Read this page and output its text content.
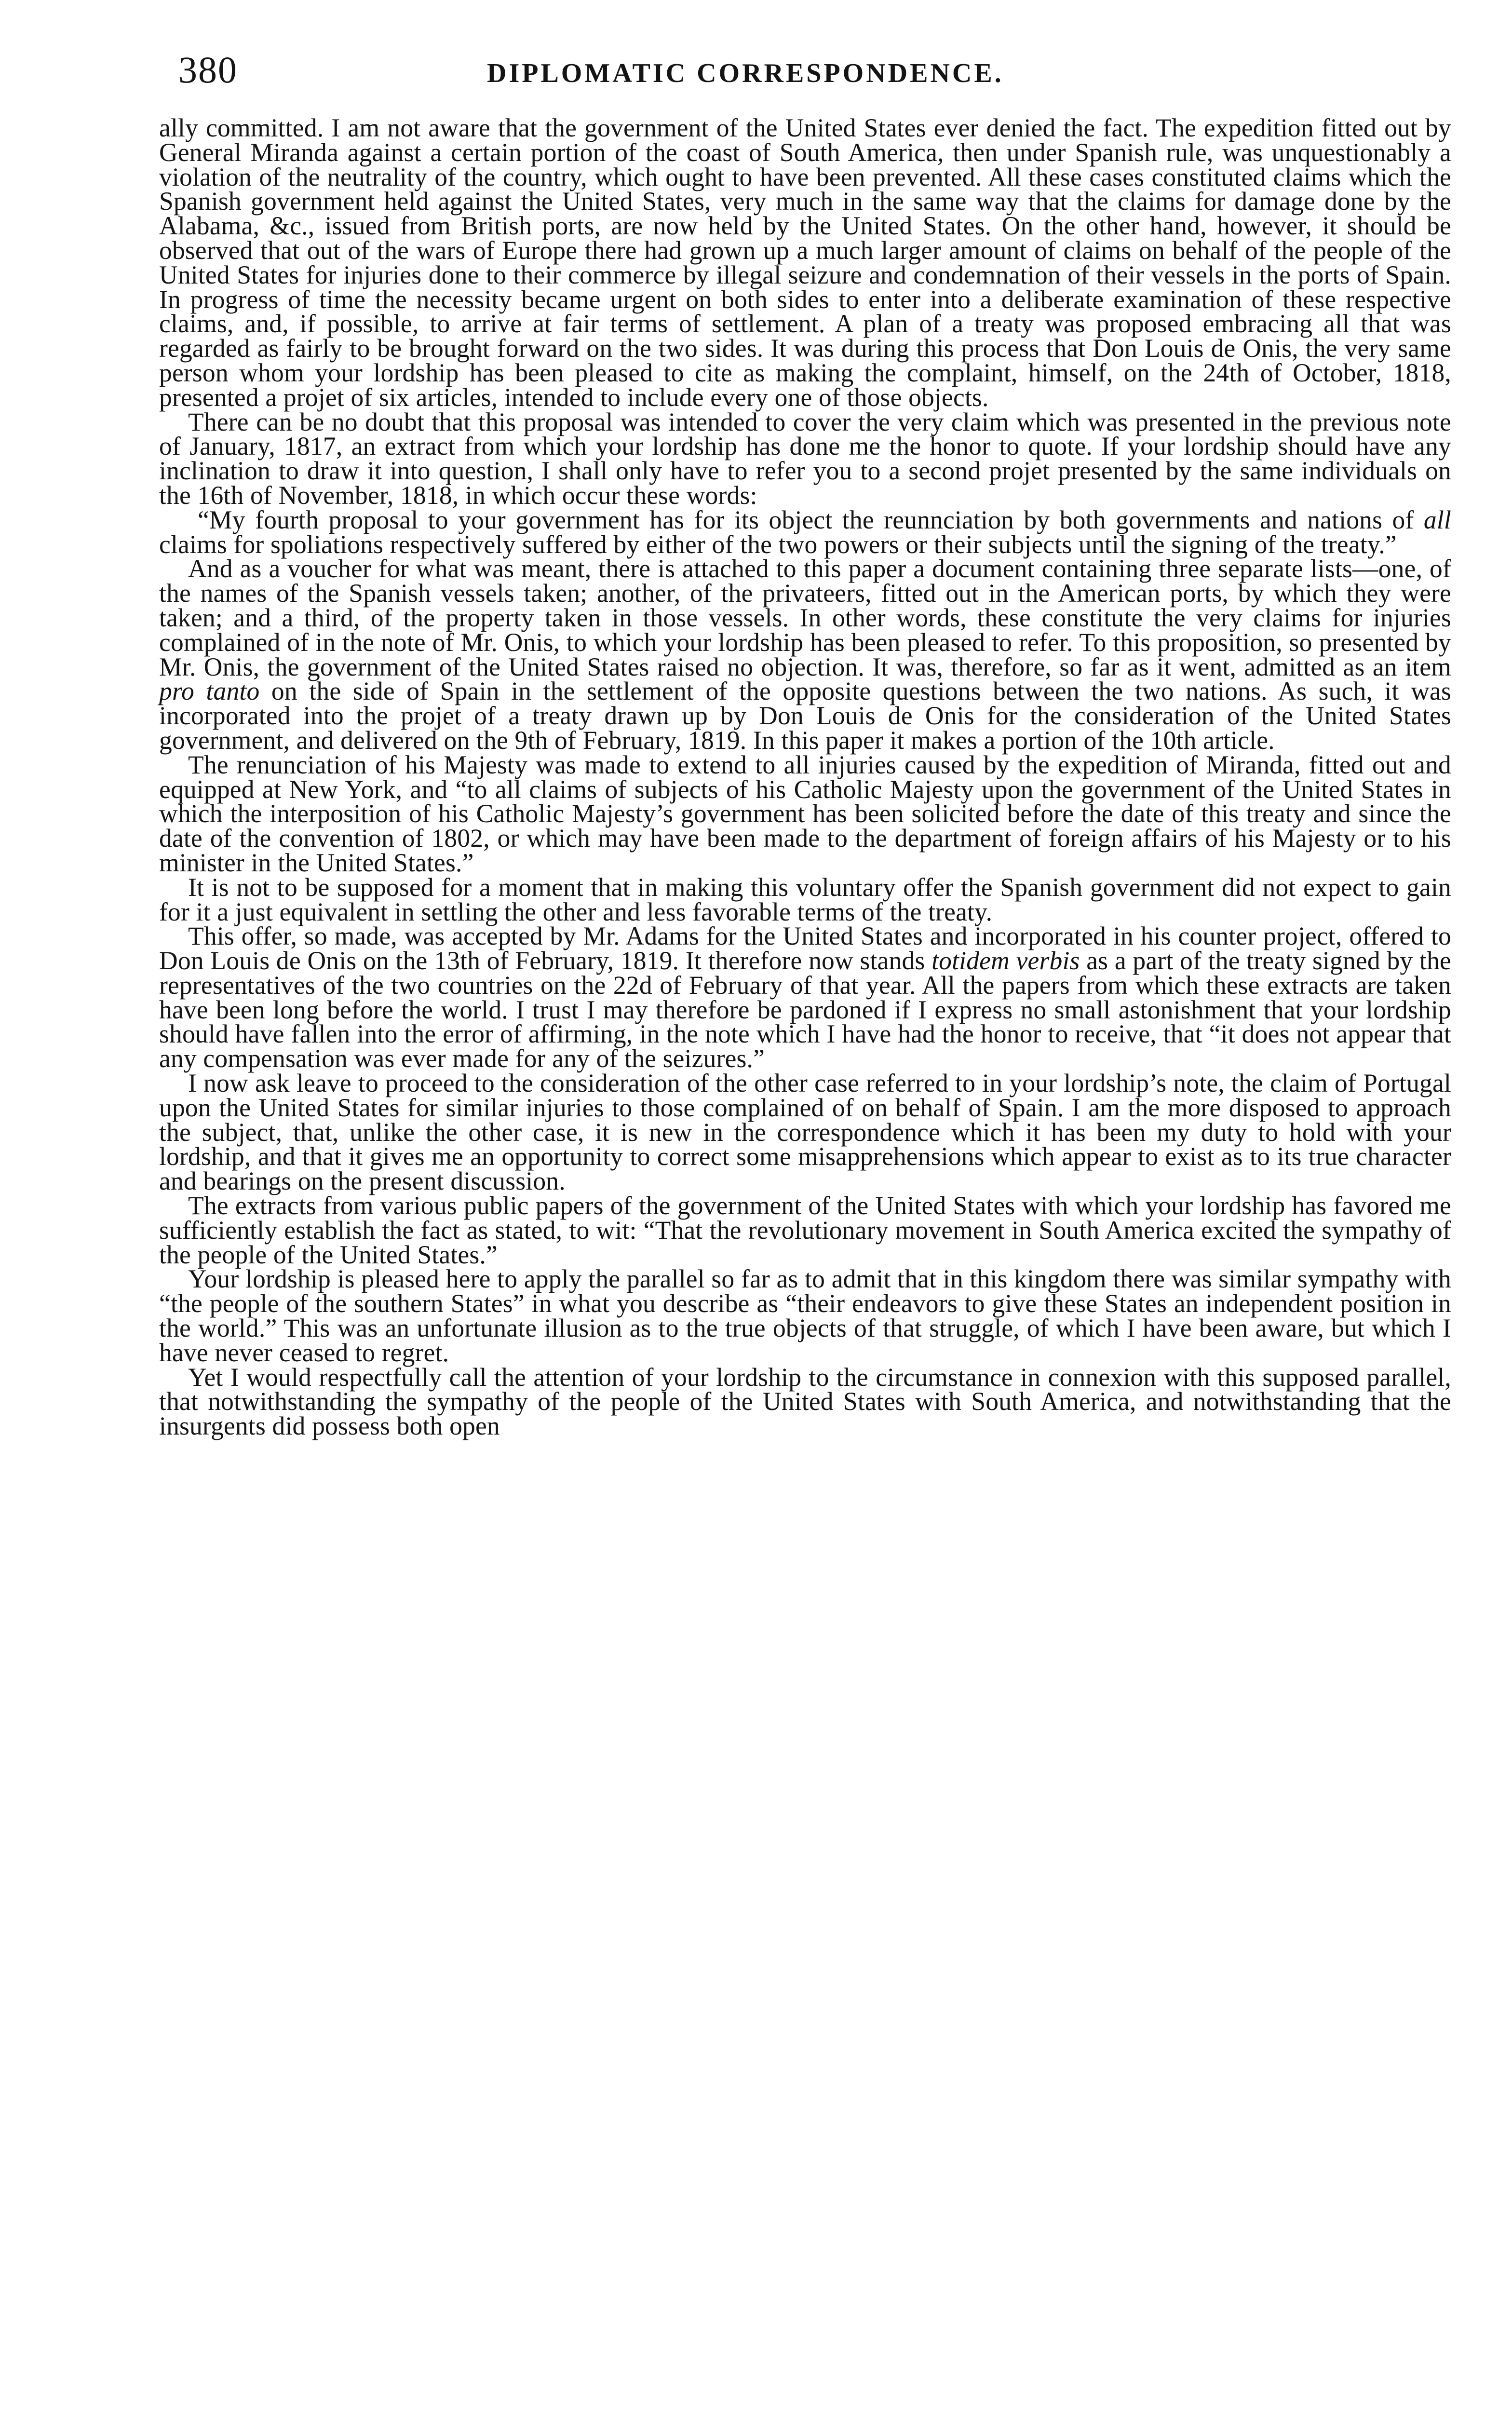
380	DIPLOMATIC CORRESPONDENCE.

ally committed. I am not aware that the government of the United States ever denied the fact. The expedition fitted out by General Miranda against a certain portion of the coast of South America, then under Spanish rule, was unquestionably a violation of the neutrality of the country, which ought to have been prevented. All these cases constituted claims which the Spanish government held against the United States, very much in the same way that the claims for damage done by the Alabama, &c., issued from British ports, are now held by the United States. On the other hand, however, it should be observed that out of the wars of Europe there had grown up a much larger amount of claims on behalf of the people of the United States for injuries done to their commerce by illegal seizure and condemnation of their vessels in the ports of Spain. In progress of time the necessity became urgent on both sides to enter into a deliberate examination of these respective claims, and, if possible, to arrive at fair terms of settlement. A plan of a treaty was proposed embracing all that was regarded as fairly to be brought forward on the two sides. It was during this process that Don Louis de Onis, the very same person whom your lordship has been pleased to cite as making the complaint, himself, on the 24th of October, 1818, presented a projet of six articles, intended to include every one of those objects.

There can be no doubt that this proposal was intended to cover the very claim which was presented in the previous note of January, 1817, an extract from which your lordship has done me the honor to quote. If your lordship should have any inclination to draw it into question, I shall only have to refer you to a second projet presented by the same individuals on the 16th of November, 1818, in which occur these words:

“My fourth proposal to your government has for its object the reunnciation by both governments and nations of all claims for spoliations respectively suffered by either of the two powers or their subjects until the signing of the treaty.”

And as a voucher for what was meant, there is attached to this paper a document containing three separate lists—one, of the names of the Spanish vessels taken; another, of the privateers, fitted out in the American ports, by which they were taken; and a third, of the property taken in those vessels. In other words, these constitute the very claims for injuries complained of in the note of Mr. Onis, to which your lordship has been pleased to refer. To this proposition, so presented by Mr. Onis, the government of the United States raised no objection. It was, therefore, so far as it went, admitted as an item pro tanto on the side of Spain in the settlement of the opposite questions between the two nations. As such, it was incorporated into the projet of a treaty drawn up by Don Louis de Onis for the consideration of the United States government, and delivered on the 9th of February, 1819. In this paper it makes a portion of the 10th article.

The renunciation of his Majesty was made to extend to all injuries caused by the expedition of Miranda, fitted out and equipped at New York, and “to all claims of subjects of his Catholic Majesty upon the government of the United States in which the interposition of his Catholic Majesty’s government has been solicited before the date of this treaty and since the date of the convention of 1802, or which may have been made to the department of foreign affairs of his Majesty or to his minister in the United States.”

It is not to be supposed for a moment that in making this voluntary offer the Spanish government did not expect to gain for it a just equivalent in settling the other and less favorable terms of the treaty.

This offer, so made, was accepted by Mr. Adams for the United States and incorporated in his counter project, offered to Don Louis de Onis on the 13th of February, 1819. It therefore now stands totidem verbis as a part of the treaty signed by the representatives of the two countries on the 22d of February of that year. All the papers from which these extracts are taken have been long before the world. I trust I may therefore be pardoned if I express no small astonishment that your lordship should have fallen into the error of affirming, in the note which I have had the honor to receive, that “it does not appear that any compensation was ever made for any of the seizures.”

I now ask leave to proceed to the consideration of the other case referred to in your lordship’s note, the claim of Portugal upon the United States for similar injuries to those complained of on behalf of Spain. I am the more disposed to approach the subject, that, unlike the other case, it is new in the correspondence which it has been my duty to hold with your lordship, and that it gives me an opportunity to correct some misapprehensions which appear to exist as to its true character and bearings on the present discussion.

The extracts from various public papers of the government of the United States with which your lordship has favored me sufficiently establish the fact as stated, to wit: “That the revolutionary movement in South America excited the sympathy of the people of the United States.”

Your lordship is pleased here to apply the parallel so far as to admit that in this kingdom there was similar sympathy with “the people of the southern States” in what you describe as “their endeavors to give these States an independent position in the world.” This was an unfortunate illusion as to the true objects of that struggle, of which I have been aware, but which I have never ceased to regret.

Yet I would respectfully call the attention of your lordship to the circumstance in connexion with this supposed parallel, that notwithstanding the sympathy of the people of the United States with South America, and notwithstanding that the insurgents did possess both open
